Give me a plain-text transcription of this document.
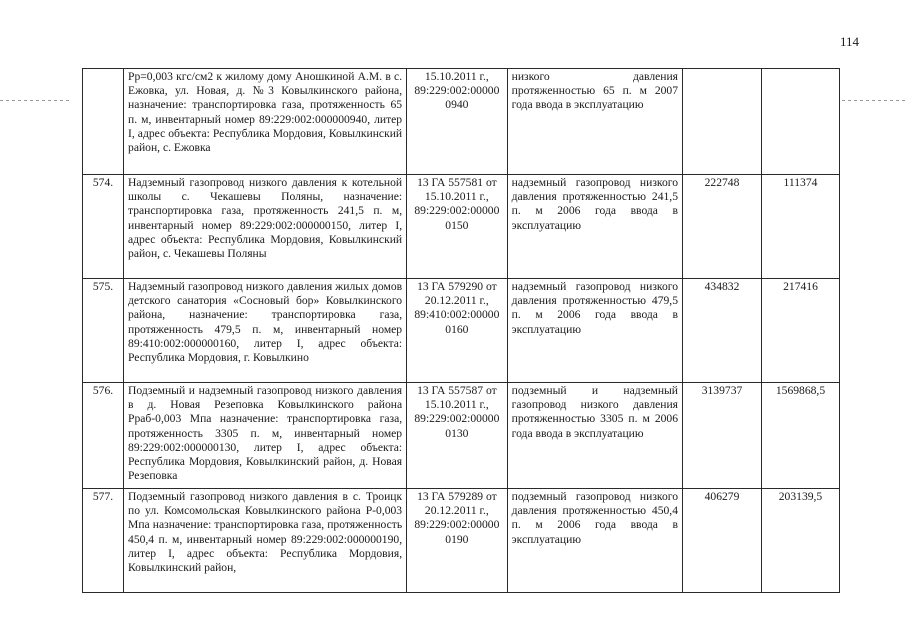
114
	Рр=0,003 кгс/см2 к жилому дому Аношкиной А.М. в с. Ежовка, ул. Новая, д. №3 Ковылкинского района, назначение: транспортировка газа, протяженность 65 п. м, инвентарный номер 89:229:002:000000940, литер I, адрес объекта: Республика Мордовия, Ковылкинский район, с. Ежовка	15.10.2011 г., 89:229:002:00000 0940	низкого давления протяженностью 65 п. м 2007 года ввода в эксплуатацию		
574.	Надземный газопровод низкого давления к котельной школы с. Чекашевы Поляны, назначение: транспортировка газа, протяженность 241,5 п. м, инвентарный номер 89:229:002:000000150, литер I, адрес объекта: Республика Мордовия, Ковылкинский район, с. Чекашевы Поляны	13 ГА 557581 от 15.10.2011 г., 89:229:002:00000 0150	надземный газопровод низкого давления протяженностью 241,5 п. м 2006 года ввода в эксплуатацию	222748	111374
575.	Надземный газопровод низкого давления жилых домов детского санатория «Сосновый бор» Ковылкинского района, назначение: транспортировка газа, протяженность 479,5 п. м, инвентарный номер 89:410:002:000000160, литер I, адрес объекта: Республика Мордовия, г. Ковылкино	13 ГА 579290 от 20.12.2011 г., 89:410:002:00000 0160	надземный газопровод низкого давления протяженностью 479,5 п. м 2006 года ввода в эксплуатацию	434832	217416
576.	Подземный и надземный газопровод низкого давления в д. Новая Резеповка Ковылкинского района Рраб-0,003 Мпа назначение: транспортировка газа, протяженность 3305 п. м, инвентарный номер 89:229:002:000000130, литер I, адрес объекта: Республика Мордовия, Ковылкинский район, д. Новая Резеповка	13 ГА 557587 от 15.10.2011 г., 89:229:002:00000 0130	подземный и надземный газопровод низкого давления протяженностью 3305 п. м 2006 года ввода в эксплуатацию	3139737	1569868,5
577.	Подземный газопровод низкого давления в с. Троицк по ул. Комсомольская Ковылкинского района Р-0,003 Мпа назначение: транспортировка газа, протяженность 450,4 п. м, инвентарный номер 89:229:002:000000190, литер I, адрес объекта: Республика Мордовия, Ковылкинский район,	13 ГА 579289 от 20.12.2011 г., 89:229:002:00000 0190	подземный газопровод низкого давления протяженностью 450,4 п. м 2006 года ввода в эксплуатацию	406279	203139,5
